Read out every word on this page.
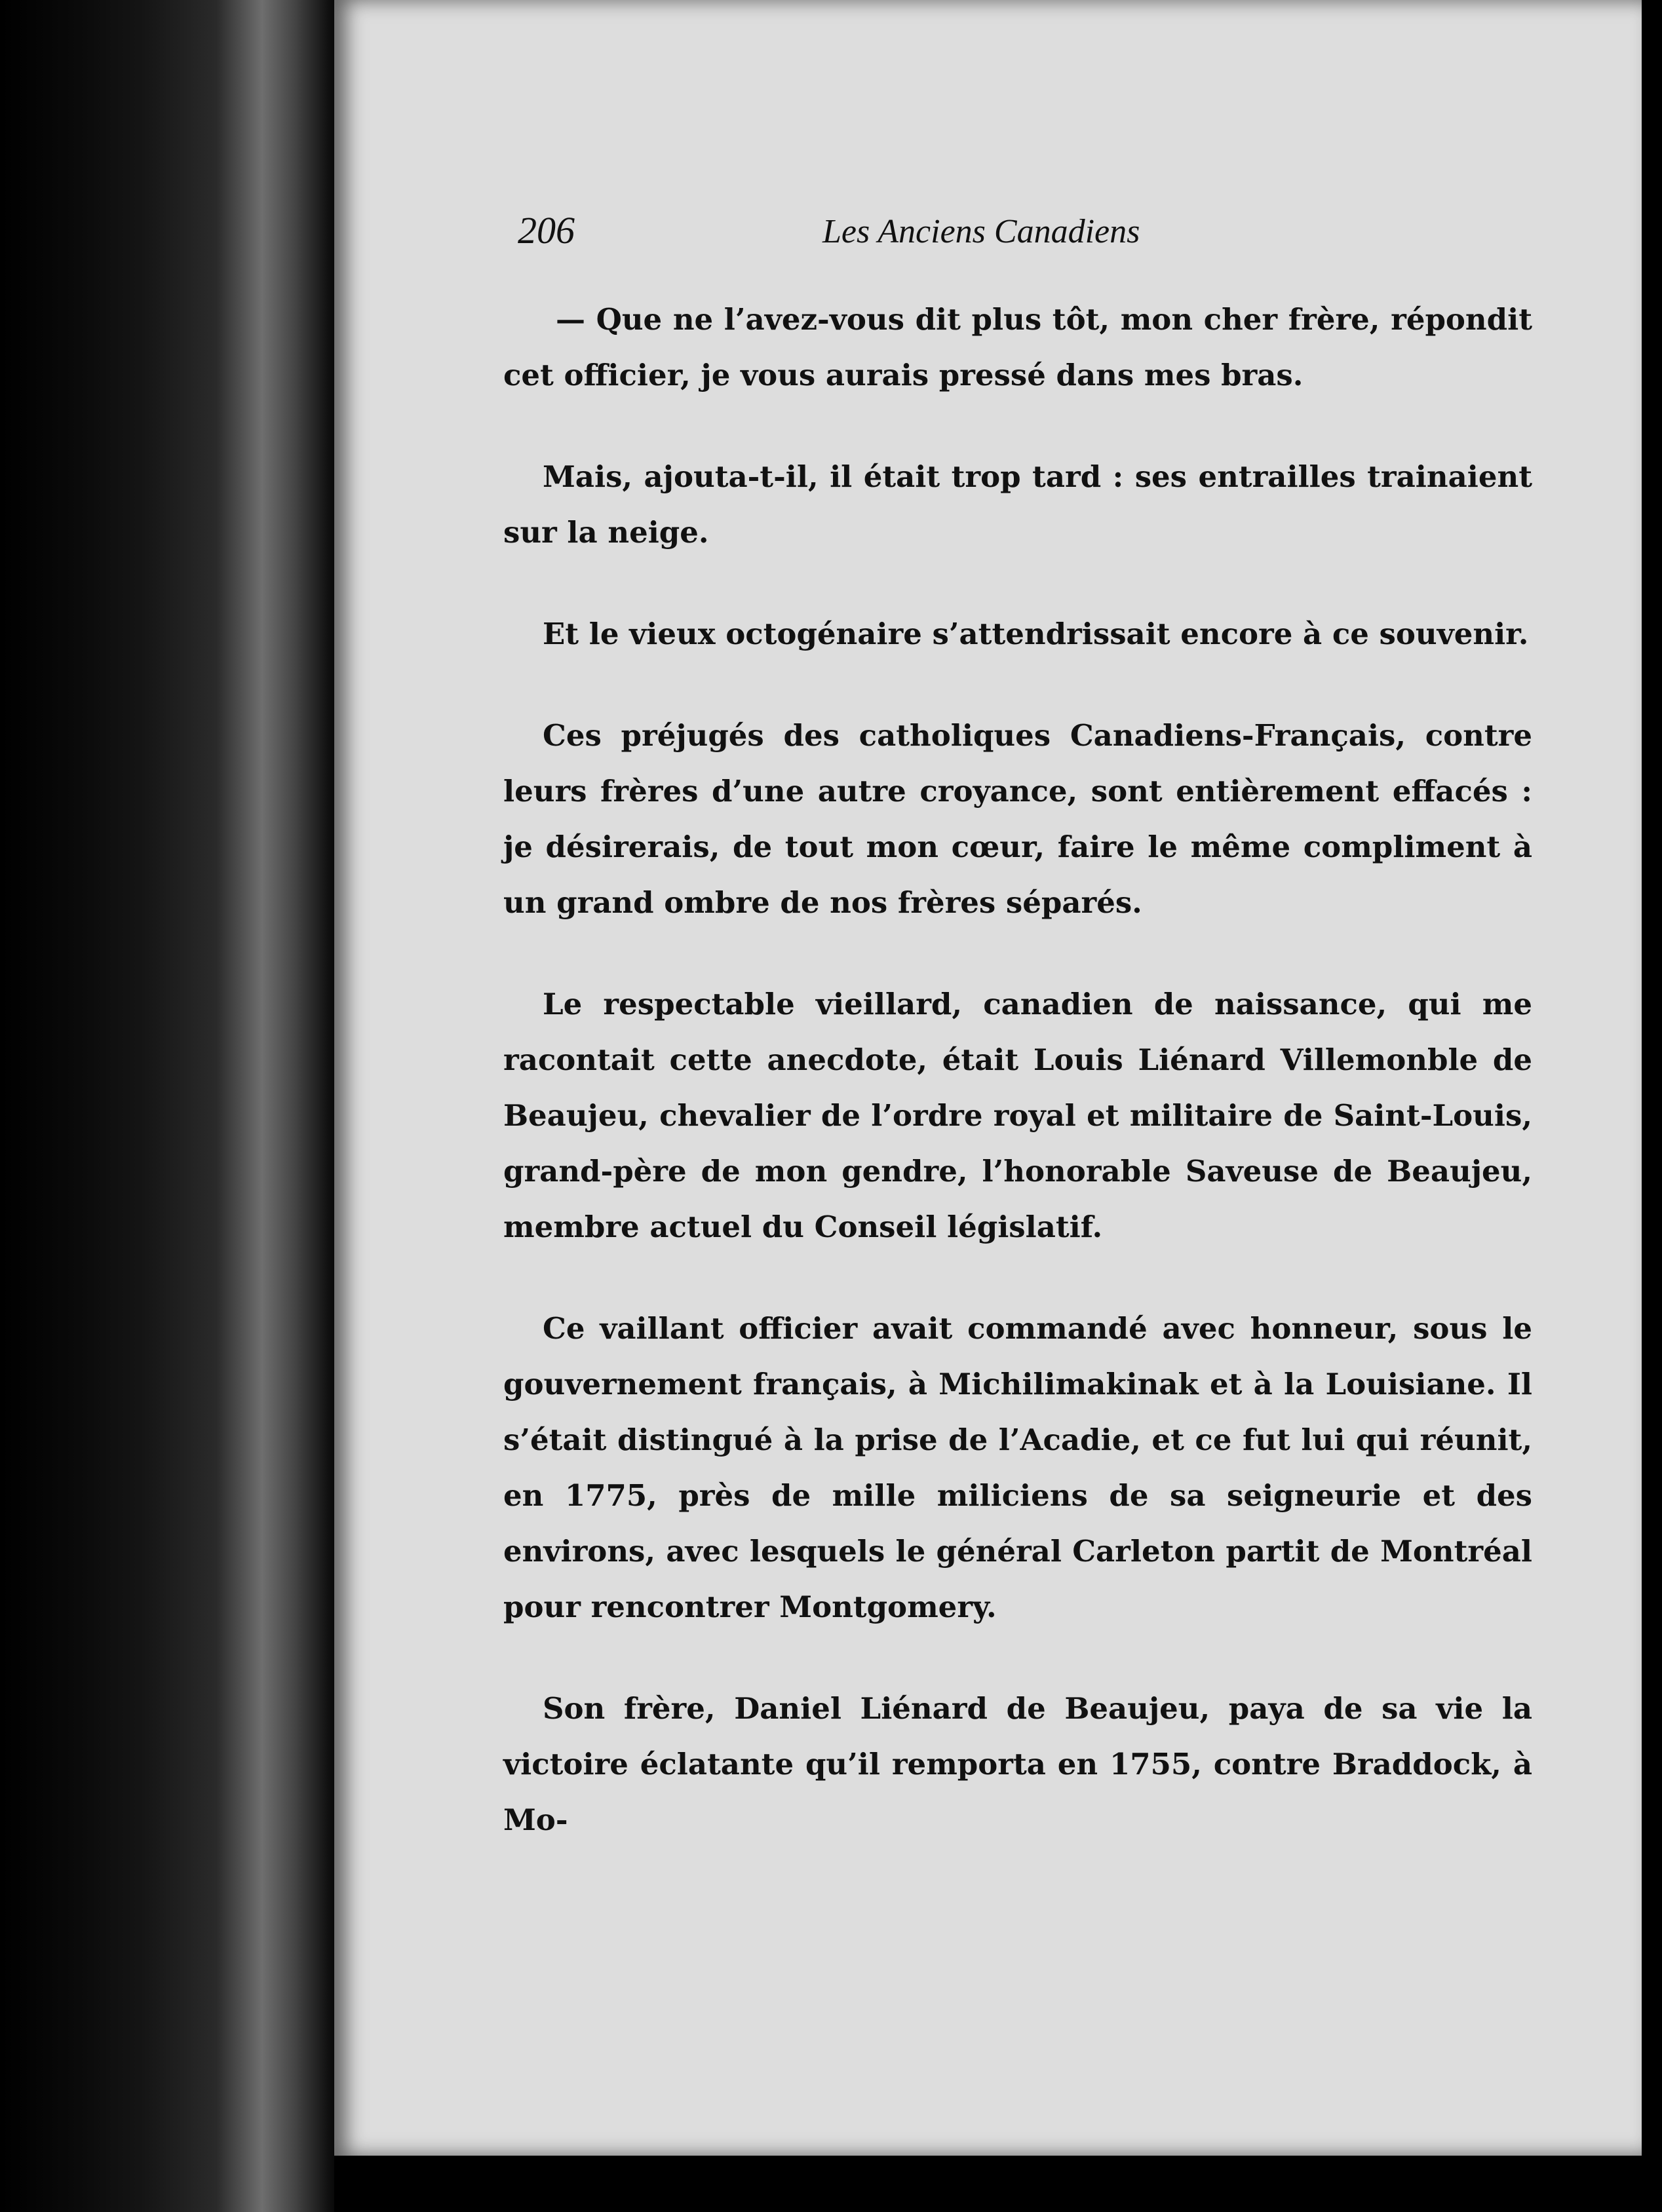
206	Les Anciens Canadiens

— Que ne l’avez-vous dit plus tôt, mon cher frère, répondit cet officier, je vous aurais pressé dans mes bras.

Mais, ajouta-t-il, il était trop tard : ses entrailles trainaient sur la neige.

Et le vieux octogénaire s’attendrissait encore à ce souvenir.

Ces préjugés des catholiques Canadiens-Français, contre leurs frères d’une autre croyance, sont entièrement effacés : je désirerais, de tout mon cœur, faire le même compliment à un grand ombre de nos frères séparés.

Le respectable vieillard, canadien de naissance, qui me racontait cette anecdote, était Louis Liénard Villemonble de Beaujeu, chevalier de l’ordre royal et militaire de Saint-Louis, grand-père de mon gendre, l’honorable Saveuse de Beaujeu, membre actuel du Conseil législatif.

Ce vaillant officier avait commandé avec honneur, sous le gouvernement français, à Michilimakinak et à la Louisiane. Il s’était distingué à la prise de l’Acadie, et ce fut lui qui réunit, en 1775, près de mille miliciens de sa seigneurie et des environs, avec lesquels le général Carleton partit de Montréal pour rencontrer Montgomery.

Son frère, Daniel Liénard de Beaujeu, paya de sa vie la victoire éclatante qu’il remporta en 1755, contre Braddock, à Mo-
